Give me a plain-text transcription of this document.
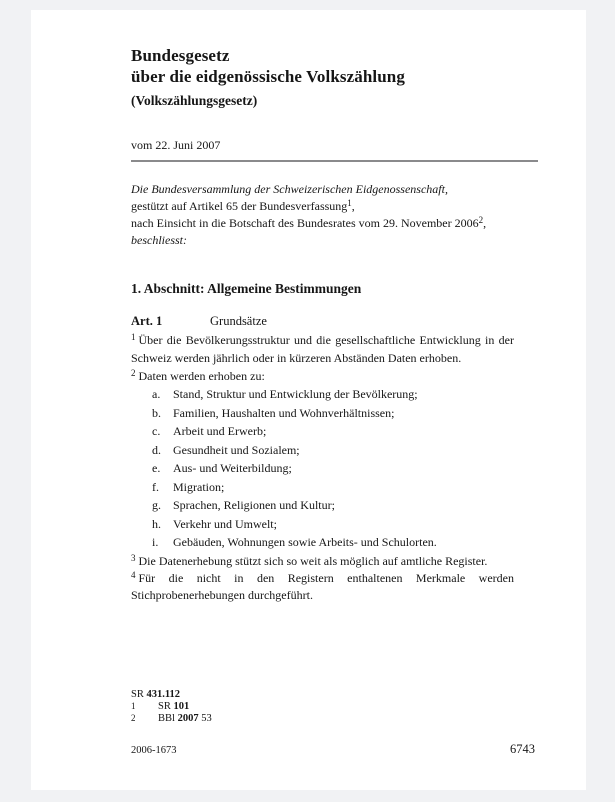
Bundesgesetz
über die eidgenössische Volkszählung

(Volkszählungsgesetz)

vom 22. Juni 2007

Die Bundesversammlung der Schweizerischen Eidgenossenschaft,

gestützt auf Artikel 65 der Bundesverfassung$^1$,

nach Einsicht in die Botschaft des Bundesrates vom 29. November 2006$^2$,

beschliesst:

1. Abschnitt: Allgemeine Bestimmungen
Art. 1	Grundsätze

$^1$ Über die Bevölkerungsstruktur und die gesellschaftliche Entwicklung in der Schweiz werden jährlich oder in kürzeren Abständen Daten erhoben.

$^2$ Daten werden erhoben zu:

a.	Stand, Struktur und Entwicklung der Bevölkerung;
b.	Familien, Haushalten und Wohnverhältnissen;
c.	Arbeit und Erwerb;
d.	Gesundheit und Sozialem;
e.	Aus- und Weiterbildung;
f.	Migration;
g.	Sprachen, Religionen und Kultur;
h.	Verkehr und Umwelt;
i.	Gebäuden, Wohnungen sowie Arbeits- und Schulorten.

$^3$ Die Datenerhebung stützt sich so weit als möglich auf amtliche Register.

$^4$ Für die nicht in den Registern enthaltenen Merkmale werden Stichprobenerhebungen durchgeführt.

SR 431.112

1	SR 101
2	BBl 2007 53
2006-1673	6743
